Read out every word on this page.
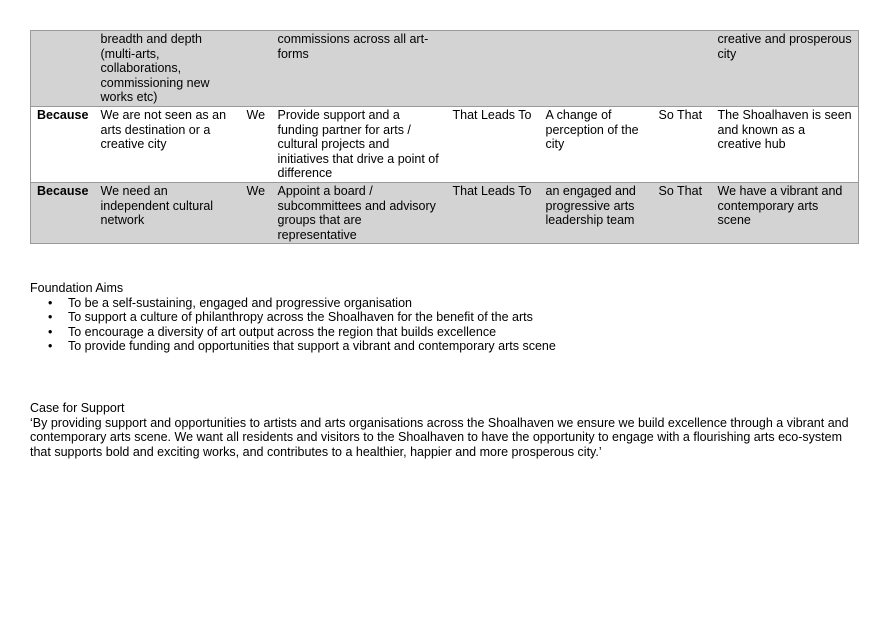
	breadth and depth (multi-arts, collaborations, commissioning new works etc)		commissions across all art-forms				creative and prosperous city
Because	We are not seen as an arts destination or a creative city	We	Provide support and a funding partner for arts / cultural projects and initiatives that drive a point of difference	That Leads To	A change of perception of the city	So That	The Shoalhaven is seen and known as a creative hub
Because	We need an independent cultural network	We	Appoint a board / subcommittees and advisory groups that are representative	That Leads To	an engaged and progressive arts leadership team	So That	We have a vibrant and contemporary arts scene

Foundation Aims

• To be a self-sustaining, engaged and progressive organisation
• To support a culture of philanthropy across the Shoalhaven for the benefit of the arts
• To encourage a diversity of art output across the region that builds excellence
• To provide funding and opportunities that support a vibrant and contemporary arts scene

Case for Support

‘By providing support and opportunities to artists and arts organisations across the Shoalhaven we ensure we build excellence through a vibrant and contemporary arts scene. We want all residents and visitors to the Shoalhaven to have the opportunity to engage with a flourishing arts eco-system that supports bold and exciting works, and contributes to a healthier, happier and more prosperous city.’
